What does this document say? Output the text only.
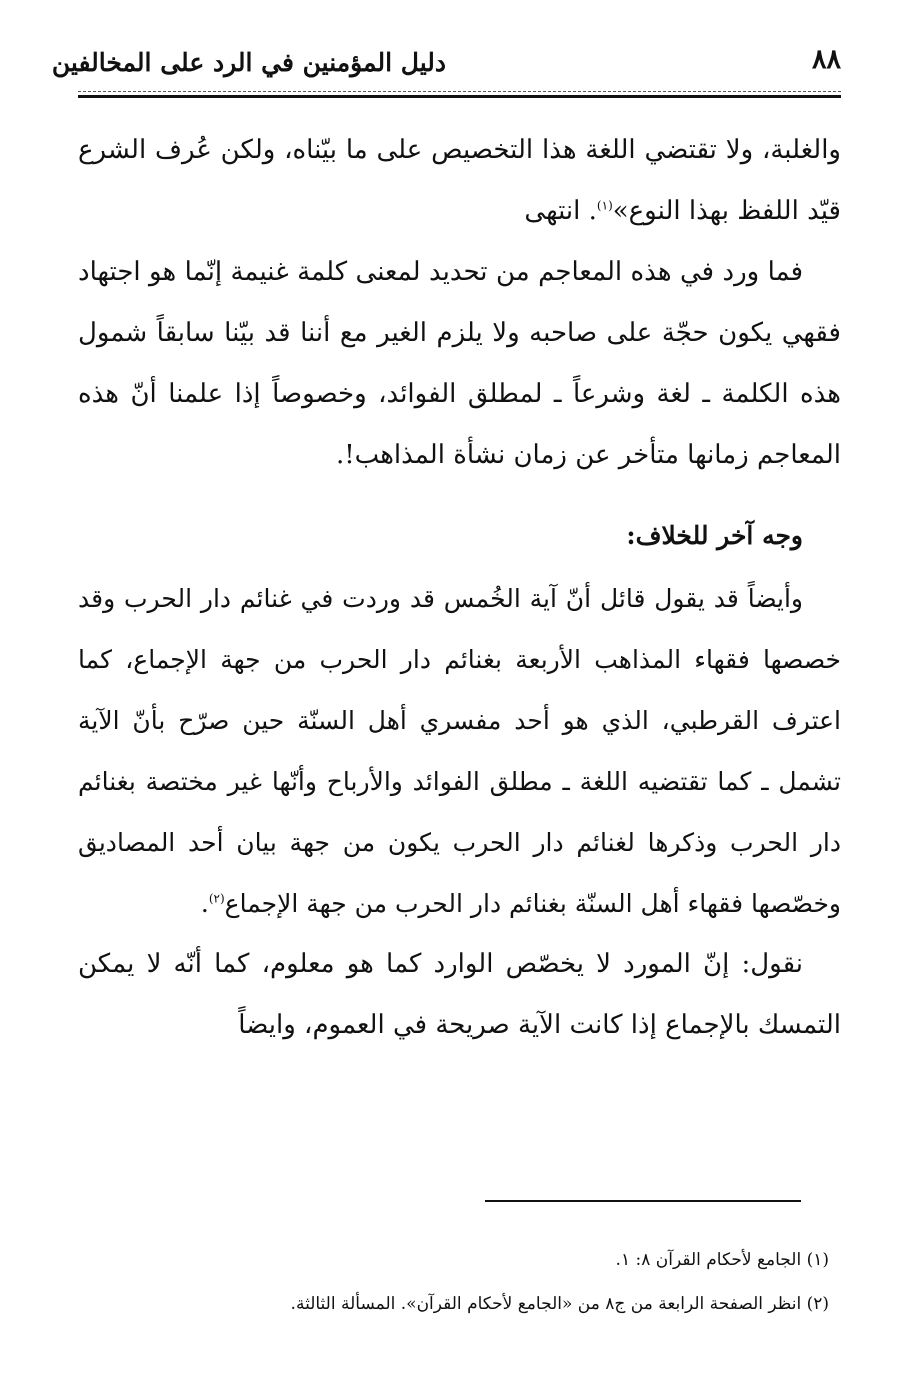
٨٨
دليل المؤمنين في الرد على المخالفين

والغلبة، ولا تقتضي اللغة هذا التخصيص على ما بيّناه، ولكن عُرف الشرع قيّد اللفظ بهذا النوع»$^{(١)}$. انتهى

فما ورد في هذه المعاجم من تحديد لمعنى كلمة غنيمة إنّما هو اجتهاد فقهي يكون حجّة على صاحبه ولا يلزم الغير مع أننا قد بيّنا سابقاً شمول هذه الكلمة ـ لغة وشرعاً ـ لمطلق الفوائد، وخصوصاً إذا علمنا أنّ هذه المعاجم زمانها متأخر عن زمان نشأة المذاهب!.

وجه آخر للخلاف:

وأيضاً قد يقول قائل أنّ آية الخُمس قد وردت في غنائم دار الحرب وقد خصصها فقهاء المذاهب الأربعة بغنائم دار الحرب من جهة الإجماع، كما اعترف القرطبي، الذي هو أحد مفسري أهل السنّة حين صرّح بأنّ الآية تشمل ـ كما تقتضيه اللغة ـ مطلق الفوائد والأرباح وأنّها غير مختصة بغنائم دار الحرب وذكرها لغنائم دار الحرب يكون من جهة بيان أحد المصاديق وخصّصها فقهاء أهل السنّة بغنائم دار الحرب من جهة الإجماع$^{(٢)}$.

نقول: إنّ المورد لا يخصّص الوارد كما هو معلوم، كما أنّه لا يمكن التمسك بالإجماع إذا كانت الآية صريحة في العموم، وايضاً

(١) الجامع لأحكام القرآن ٨: ١.

(٢) انظر الصفحة الرابعة من ج٨ من «الجامع لأحكام القرآن». المسألة الثالثة.
